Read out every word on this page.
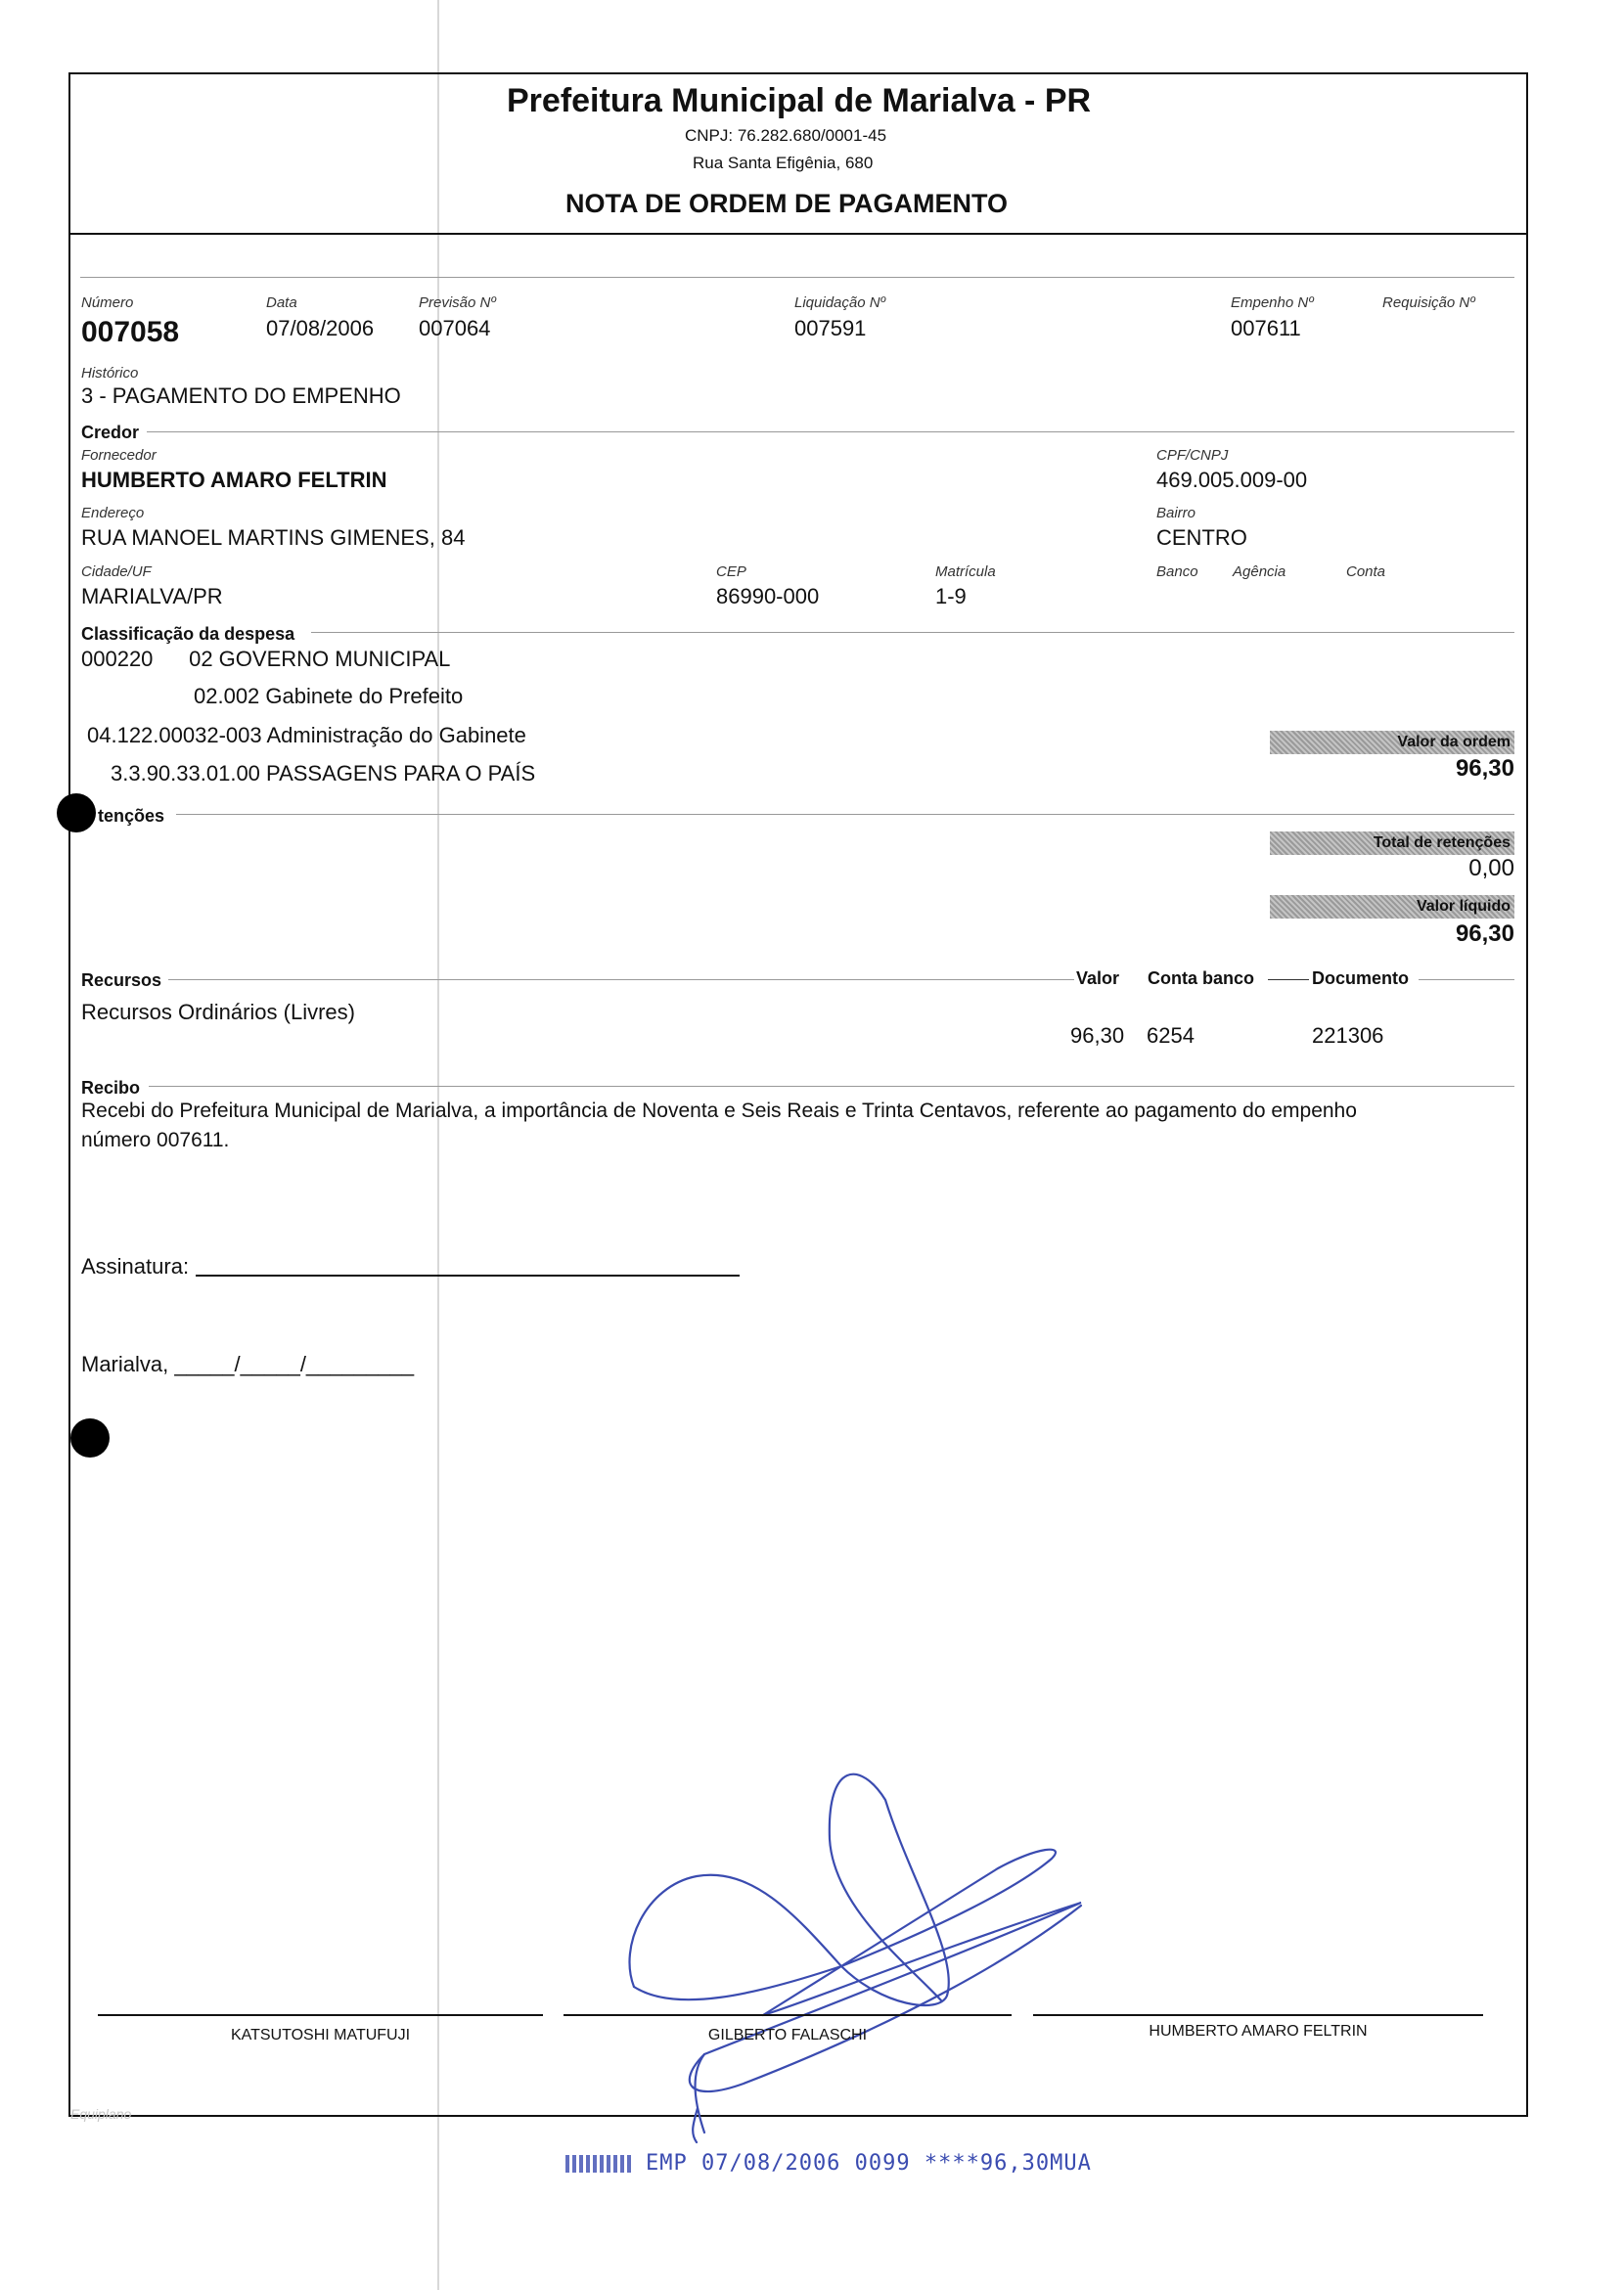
Prefeitura Municipal de Marialva - PR
CNPJ: 76.282.680/0001-45
Rua Santa Efigênia, 680
NOTA DE ORDEM DE PAGAMENTO
Número
007058
Data
07/08/2006
Previsão Nº
007064
Liquidação Nº
007591
Empenho Nº
007611
Requisição Nº
Histórico
3 - PAGAMENTO DO EMPENHO
Credor
Fornecedor
HUMBERTO AMARO FELTRIN
CPF/CNPJ
469.005.009-00
Endereço
RUA MANOEL MARTINS GIMENES, 84
Bairro
CENTRO
Cidade/UF
MARIALVA/PR
CEP
86990-000
Matrícula
1-9
Banco Agência	Conta
Classificação da despesa
000220      02 GOVERNO MUNICIPAL
02.002 Gabinete do Prefeito
04.122.00032-003 Administração do Gabinete
3.3.90.33.01.00 PASSAGENS PARA O PAÍS
Valor da ordem
96,30
tenções
Total de retenções
0,00
Valor líquido
96,30
Recursos	Valor Conta banco	Documento
Recursos Ordinários (Livres)
96,30 6254	221306
Recibo
Recebi do Prefeitura Municipal de Marialva, a importância de Noventa e Seis Reais e Trinta Centavos, referente ao pagamento do empenho
número 007611.
Assinatura:
Marialva, _____/_____/_________
KATSUTOSHI MATUFUJI	GILBERTO FALASCHI	HUMBERTO AMARO FELTRIN
Equiplano
EMP 07/08/2006 0099 ****96,30MUA
